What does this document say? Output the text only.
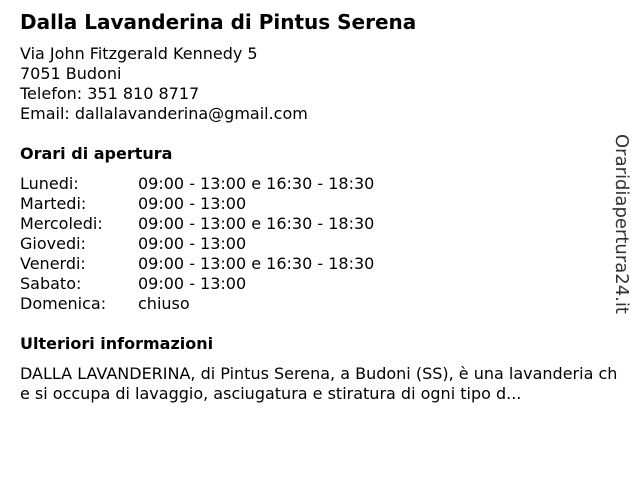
Dalla Lavanderina di Pintus Serena
Via John Fitzgerald Kennedy 5
7051 Budoni
Telefon: 351 810 8717
Email: dallalavanderina@gmail.com
Orari di apertura
Lunedi:	09:00 - 13:00 e 16:30 - 18:30
Martedi:	09:00 - 13:00
Mercoledi:	09:00 - 13:00 e 16:30 - 18:30
Giovedi:	09:00 - 13:00
Venerdi:	09:00 - 13:00 e 16:30 - 18:30
Sabato:	09:00 - 13:00
Domenica:	chiuso
Ulteriori informazioni
DALLA LAVANDERINA, di Pintus Serena, a Budoni (SS), è una lavanderia che si occupa di lavaggio, asciugatura e stiratura di ogni tipo d...
Oraridiapertura24.it
